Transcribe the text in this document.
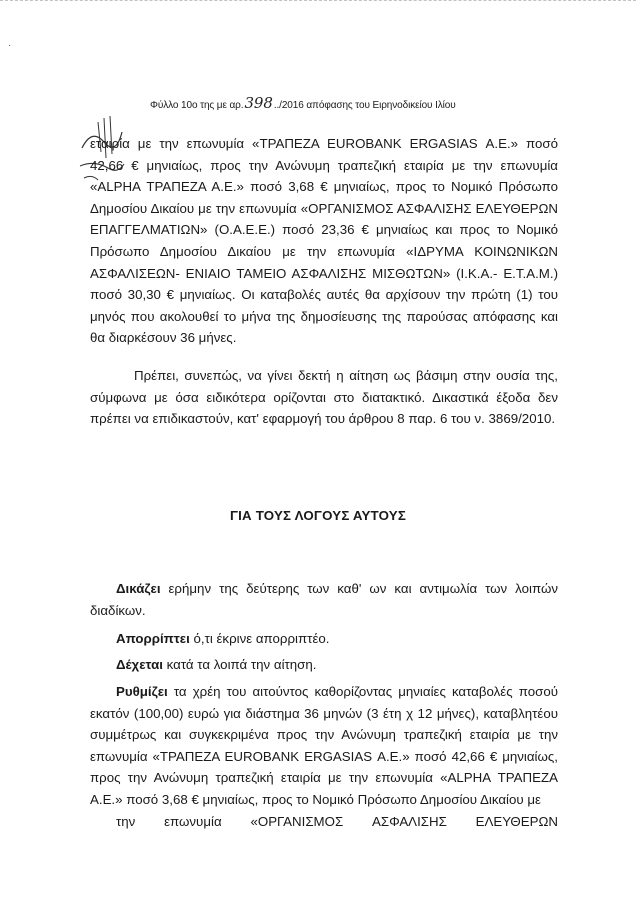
·
Φύλλο 10ο της με αρ.398../2016 απόφασης του Ειρηνοδικείου Ιλίου

εταιρία με την επωνυμία «ΤΡΑΠΕΖΑ EUROBANK ERGASIAS Α.Ε.» ποσό 42,66 € μηνιαίως, προς την Ανώνυμη τραπεζική εταιρία με την επωνυμία «ALPHA ΤΡΑΠΕΖΑ Α.Ε.» ποσό 3,68 € μηνιαίως, προς το Νομικό Πρόσωπο Δημοσίου Δικαίου με την επωνυμία «ΟΡΓΑΝΙΣΜΟΣ ΑΣΦΑΛΙΣΗΣ ΕΛΕΥΘΕΡΩΝ ΕΠΑΓΓΕΛΜΑΤΙΩΝ» (Ο.Α.Ε.Ε.) ποσό 23,36 € μηνιαίως και προς το Νομικό Πρόσωπο Δημοσίου Δικαίου με την επωνυμία «ΙΔΡΥΜΑ ΚΟΙΝΩΝΙΚΩΝ ΑΣΦΑΛΙΣΕΩΝ- ΕΝΙΑΙΟ ΤΑΜΕΙΟ ΑΣΦΑΛΙΣΗΣ ΜΙΣΘΩΤΩΝ» (Ι.Κ.Α.- Ε.Τ.Α.Μ.) ποσό 30,30 € μηνιαίως. Οι καταβολές αυτές θα αρχίσουν την πρώτη (1) του μηνός που ακολουθεί το μήνα της δημοσίευσης της παρούσας απόφασης και θα διαρκέσουν 36 μήνες.

Πρέπει, συνεπώς, να γίνει δεκτή η αίτηση ως βάσιμη στην ουσία της, σύμφωνα με όσα ειδικότερα ορίζονται στο διατακτικό. Δικαστικά έξοδα δεν πρέπει να επιδικαστούν, κατ' εφαρμογή του άρθρου 8 παρ. 6 του ν. 3869/2010.

ΓΙΑ ΤΟΥΣ ΛΟΓΟΥΣ ΑΥΤΟΥΣ
Δικάζει ερήμην της δεύτερης των καθ' ων και αντιμωλία των λοιπών διαδίκων.
Απορρίπτει ό,τι έκρινε απορριπτέο.
Δέχεται κατά τα λοιπά την αίτηση.
Ρυθμίζει τα χρέη του αιτούντος καθορίζοντας μηνιαίες καταβολές ποσού εκατόν (100,00) ευρώ για διάστημα 36 μηνών (3 έτη χ 12 μήνες), καταβλητέου συμμέτρως και συγκεκριμένα προς την Ανώνυμη τραπεζική εταιρία με την επωνυμία «ΤΡΑΠΕΖΑ EUROBANK ERGASIAS Α.Ε.» ποσό 42,66 € μηνιαίως, προς την Ανώνυμη τραπεζική εταιρία με την επωνυμία «ALPHA ΤΡΑΠΕΖΑ Α.Ε.» ποσό 3,68 € μηνιαίως, προς το Νομικό Πρόσωπο Δημοσίου Δικαίου με
την	επωνυμία	«ΟΡΓΑΝΙΣΜΟΣ	ΑΣΦΑΛΙΣΗΣ	ΕΛΕΥΘΕΡΩΝ
